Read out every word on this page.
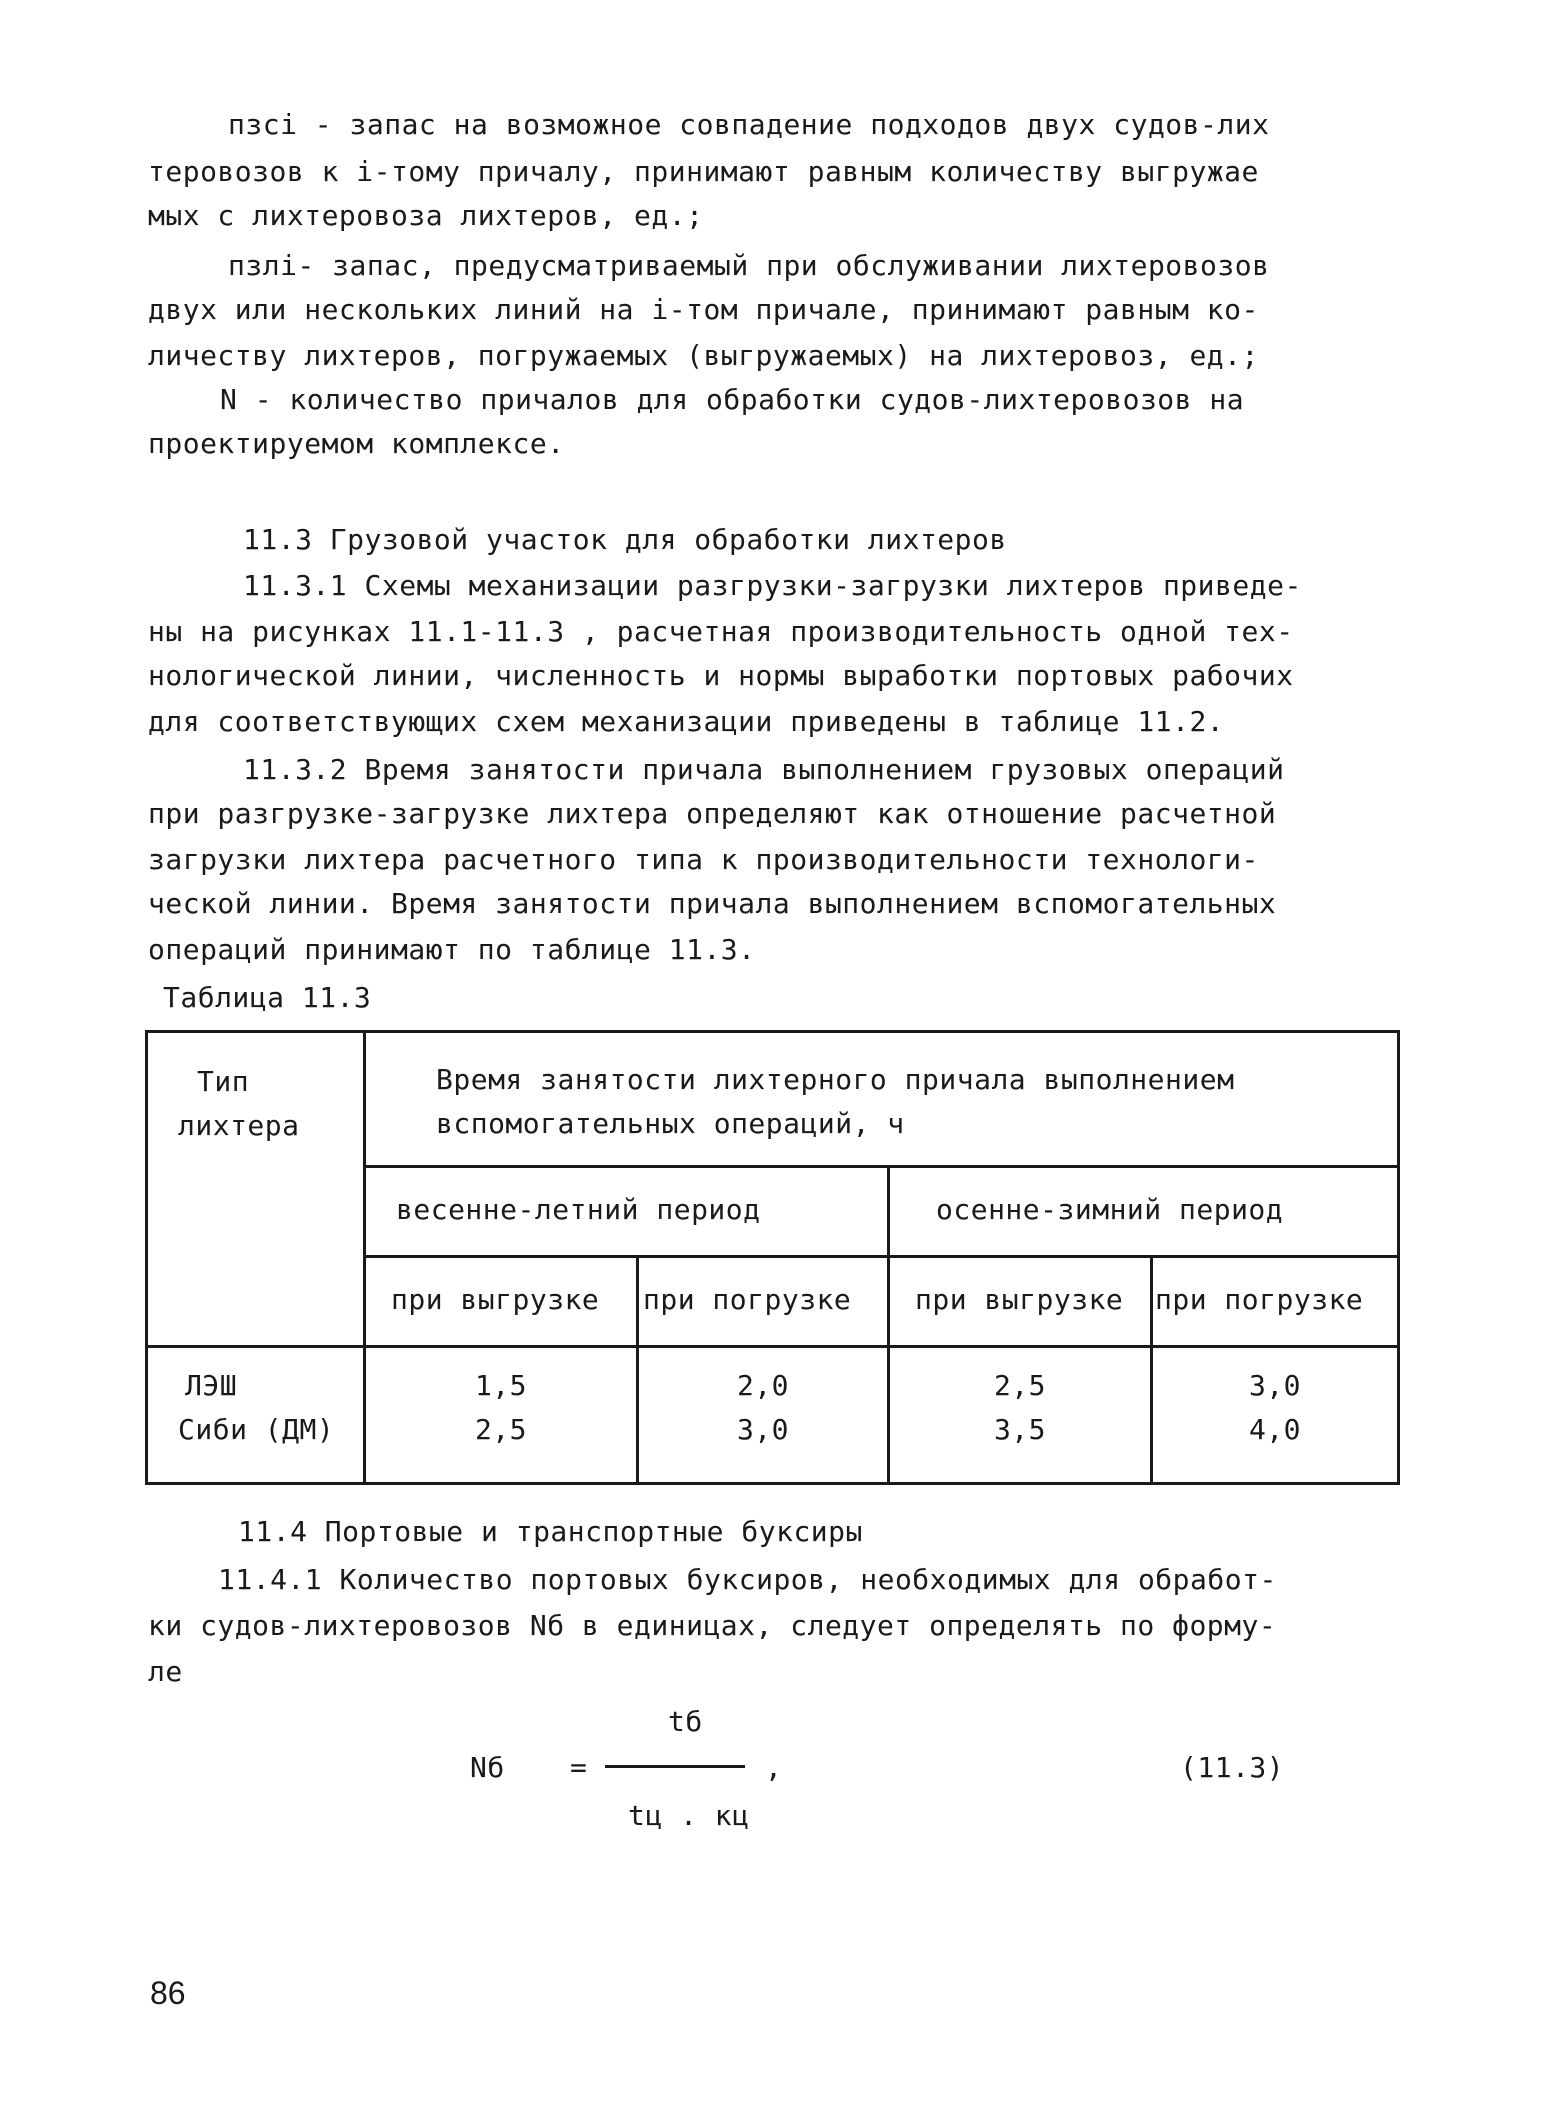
пзсi - запас на возможное совпадение подходов двух судов-лих
теровозов к i-тому причалу, принимают равным количеству выгружае
мых с лихтеровоза лихтеров, ед.;
пзлi- запас, предусматриваемый при обслуживании лихтеровозов
двух или нескольких линий на i-том причале, принимают равным ко-
личеству лихтеров, погружаемых (выгружаемых) на лихтеровоз, ед.;
N - количество причалов для обработки судов-лихтеровозов на
проектируемом комплексе.
11.3 Грузовой участок для обработки лихтеров
11.3.1 Схемы механизации разгрузки-загрузки лихтеров приведе-
ны на рисунках 11.1-11.3 , расчетная производительность одной тех-
нологической линии, численность и нормы выработки портовых рабочих
для соответствующих схем механизации приведены в таблице 11.2.
11.3.2 Время занятости причала выполнением грузовых операций
при разгрузке-загрузке лихтера определяют как отношение расчетной
загрузки лихтера расчетного типа к производительности технологи-
ческой линии. Время занятости причала выполнением вспомогательных
операций принимают по таблице 11.3.
Таблица 11.3
Тип
лихтера
Время занятости лихтерного причала выполнением
вспомогательных операций, ч
весенне-летний период	осенне-зимний период
при выгрузке при погрузке при выгрузке при погрузке
ЛЭШ	1,5	2,0	2,5	3,0
Сиби (ДМ)	2,5	3,0	3,5	4,0
11.4 Портовые и транспортные буксиры
11.4.1 Количество портовых буксиров, необходимых для обработ-
ки судов-лихтеровозов Nб в единицах, следует определять по форму-
ле
tб
Nб =	,	(11.3)
tц . кц
86
